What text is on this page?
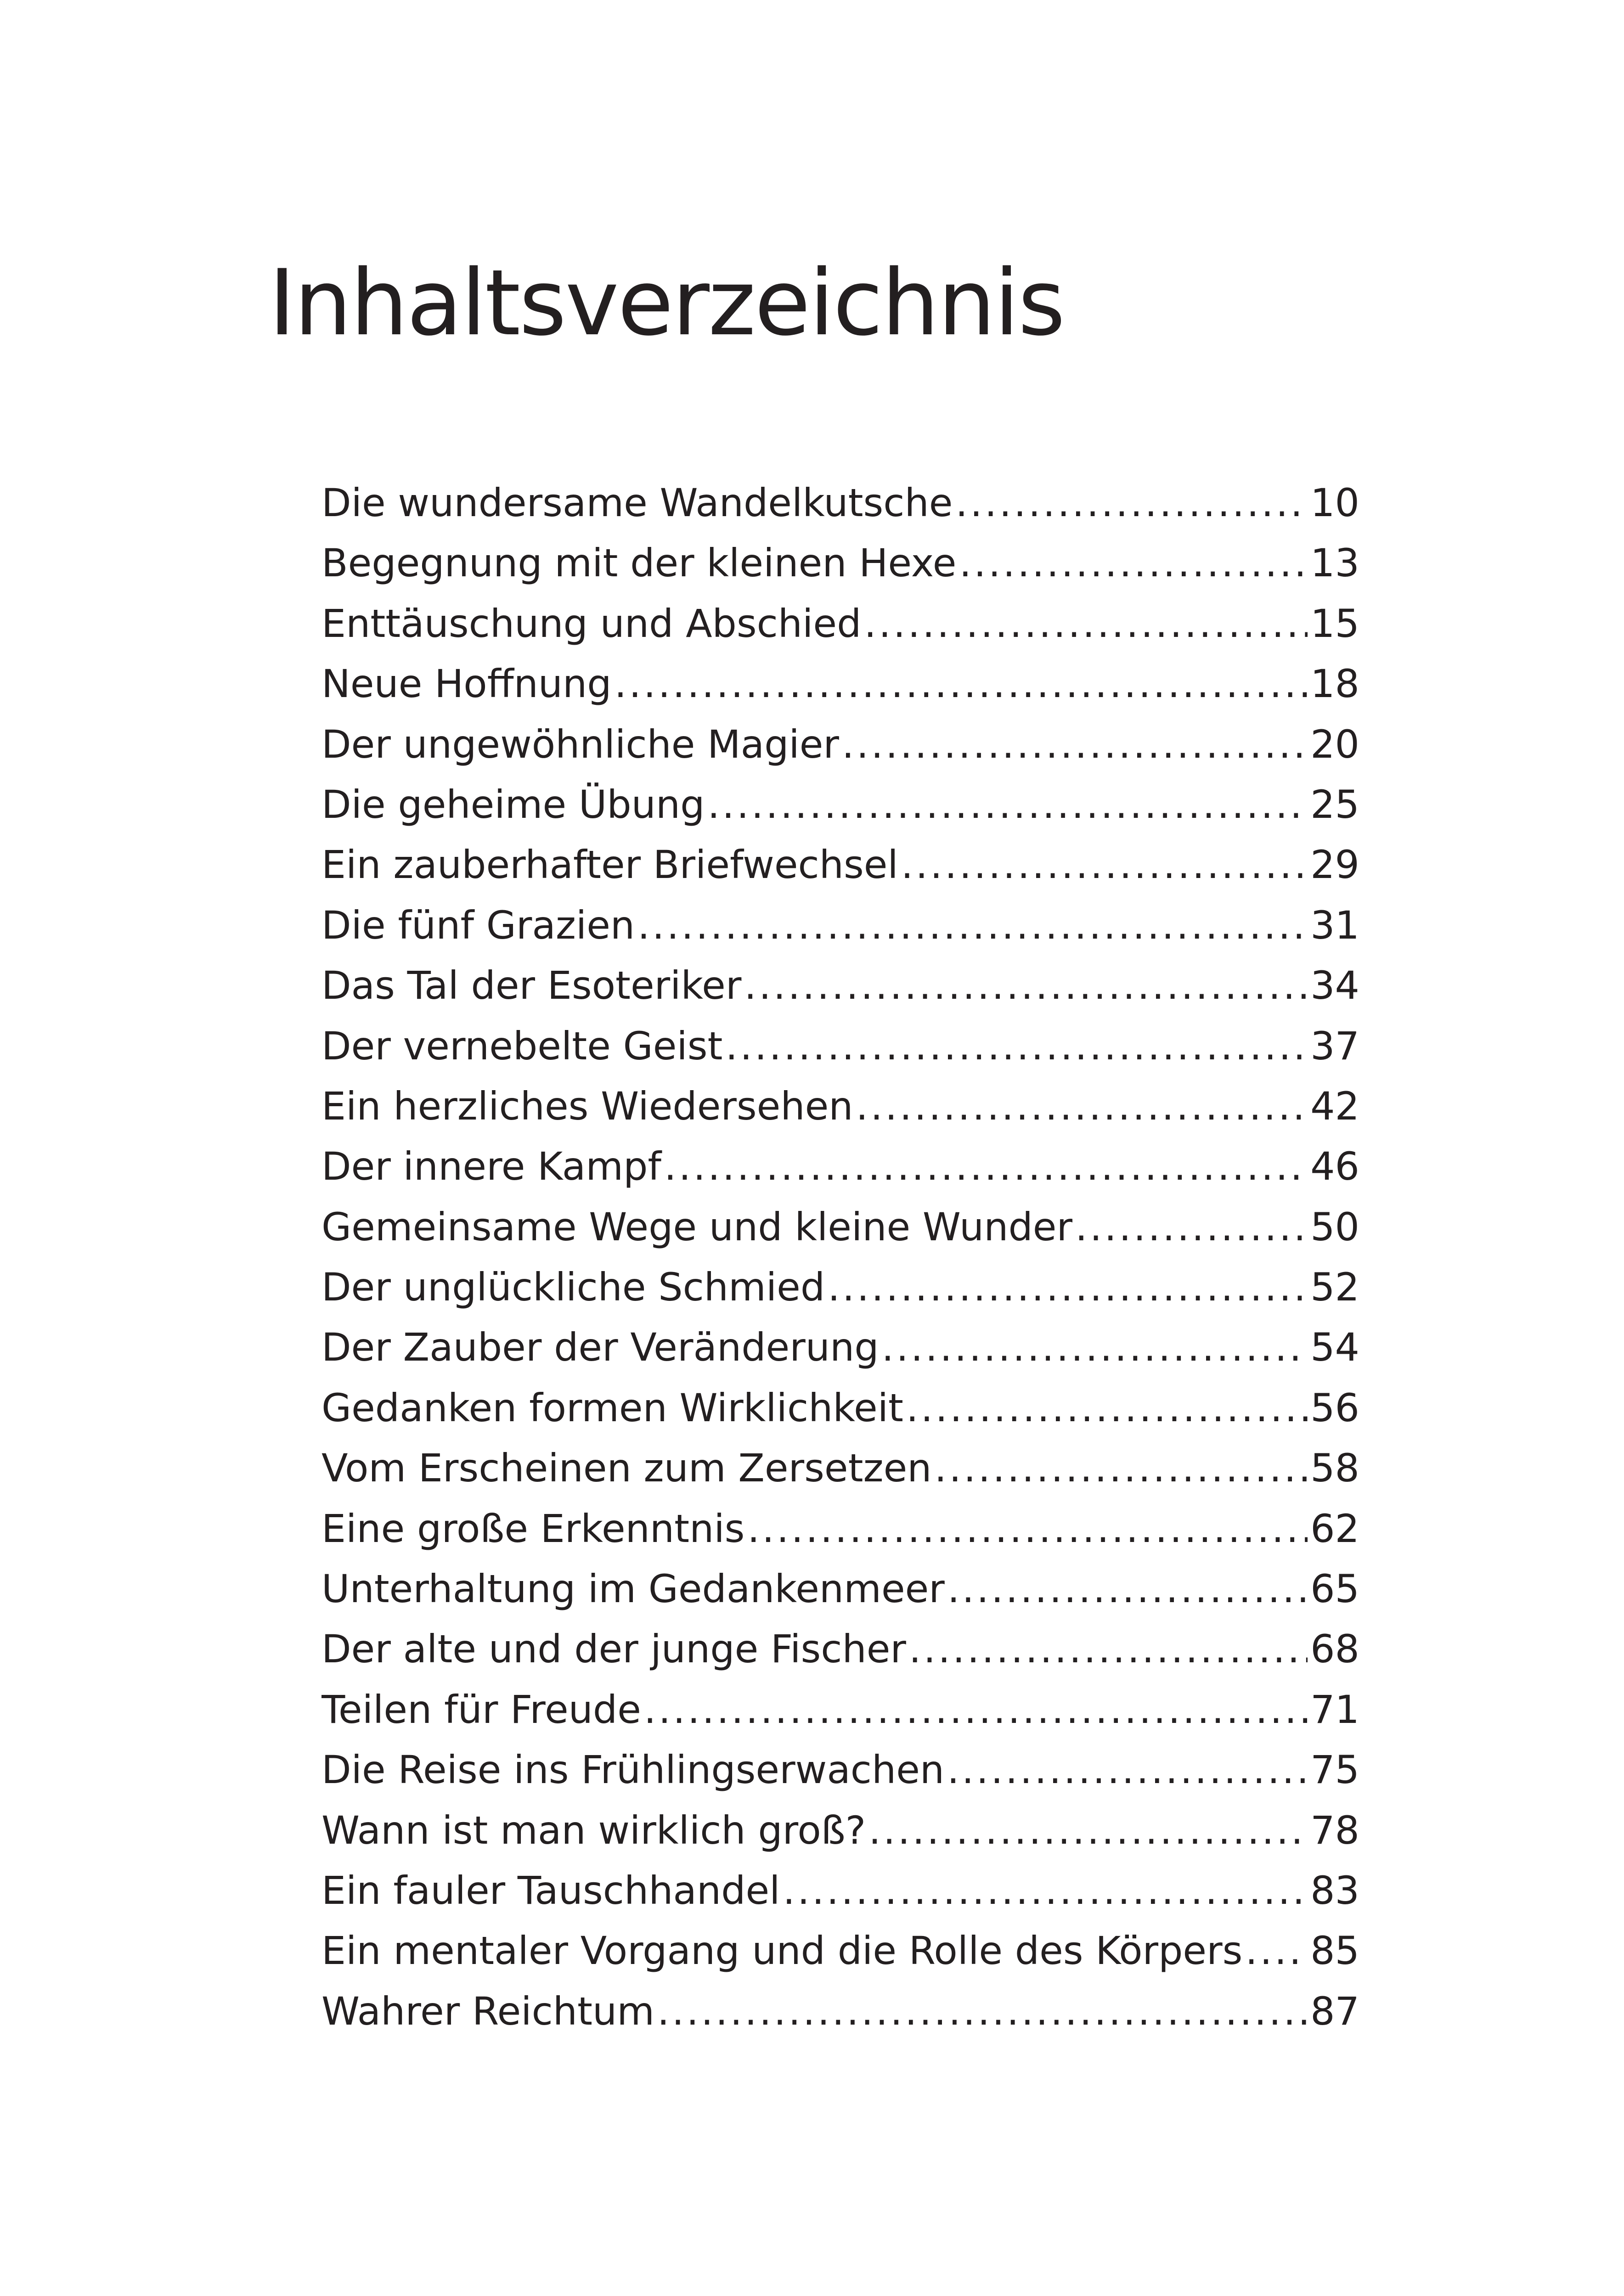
Inhaltsverzeichnis
Die wundersame Wandelkutsche .....	10
Begegnung mit der kleinen Hexe .....	13
Enttäuschung und Abschied .....	15
Neue Hoffnung .....	18
Der ungewöhnliche Magier .....	20
Die geheime Übung .....	25
Ein zauberhafter Briefwechsel .....	29
Die fünf Grazien .....	31
Das Tal der Esoteriker .....	34
Der vernebelte Geist .....	37
Ein herzliches Wiedersehen .....	42
Der innere Kampf .....	46
Gemeinsame Wege und kleine Wunder .....	50
Der unglückliche Schmied .....	52
Der Zauber der Veränderung .....	54
Gedanken formen Wirklichkeit .....	56
Vom Erscheinen zum Zersetzen .....	58
Eine große Erkenntnis .....	62
Unterhaltung im Gedankenmeer .....	65
Der alte und der junge Fischer .....	68
Teilen für Freude .....	71
Die Reise ins Frühlingserwachen .....	75
Wann ist man wirklich groß? .....	78
Ein fauler Tauschhandel .....	83
Ein mentaler Vorgang und die Rolle des Körpers ..... 85
Wahrer Reichtum .....	87
